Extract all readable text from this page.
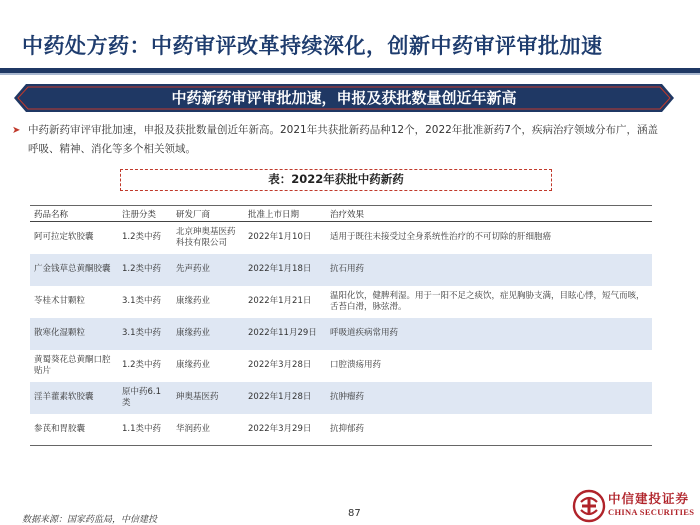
中药处方药：中药审评改革持续深化，创新中药审评审批加速
中药新药审评审批加速，申报及获批数量创近年新高
➤ 中药新药审评审批加速，申报及获批数量创近年新高。2021年共获批新药品种12个，2022年批准新药7个，疾病治疗领域分布广，涵盖呼吸、精神、消化等多个相关领域。
表：2022年获批中药新药
药品名称	注册分类	研发厂商	批准上市日期	治疗效果
阿可拉定软胶囊	1.2类中药	北京珅奥基医药科技有限公司	2022年1月10日	适用于既往未接受过全身系统性治疗的不可切除的肝细胞癌
广金钱草总黄酮胶囊	1.2类中药	先声药业	2022年1月18日	抗石用药
苓桂术甘颗粒	3.1类中药	康缘药业	2022年1月21日	温阳化饮，健脾利湿。用于一阳不足之痰饮，症见胸胁支满，目眩心悸，短气而咳，舌苔白滑，脉弦滑。
散寒化湿颗粒	3.1类中药	康缘药业	2022年11月29日	呼吸道疾病常用药
黄蜀葵花总黄酮口腔贴片	1.2类中药	康缘药业	2022年3月28日	口腔溃疡用药
淫羊藿素软胶囊	原中药6.1类	珅奥基医药	2022年1月28日	抗肿瘤药
参芪和胃胶囊	1.1类中药	华润药业	2022年3月29日	抗抑郁药
数据来源：国家药监局，中信建投
87
中信建投证券
CHINA SECURITIES
